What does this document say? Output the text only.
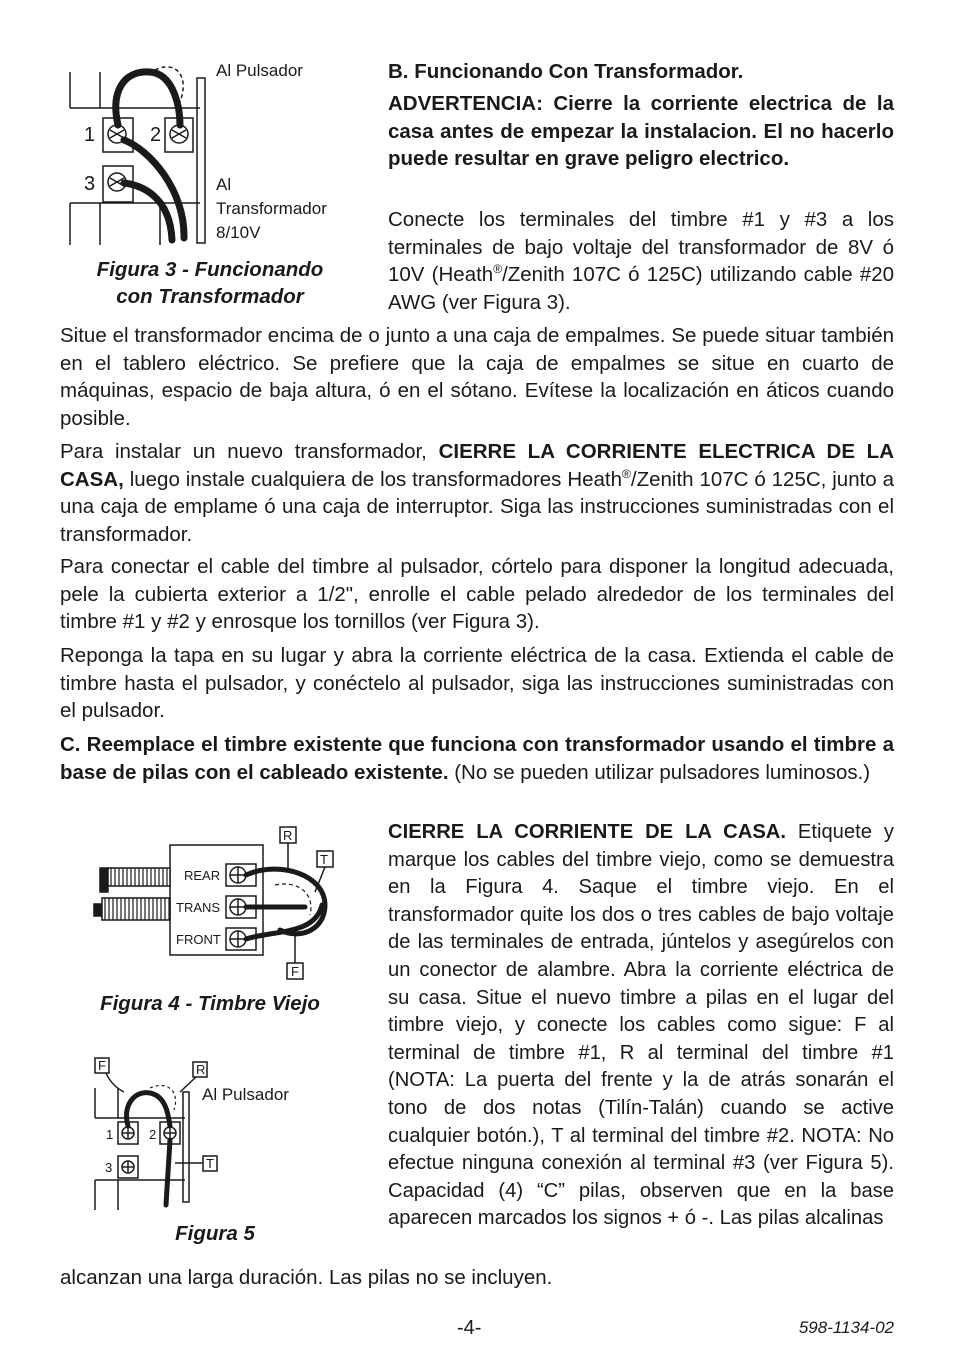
Al Pulsador
Al
Transformador
8/10V
1	2
3
Figura 3 - Funcionando
con Transformador
B. Funcionando Con Transformador.
ADVERTENCIA: Cierre la corriente electrica de la casa antes de empezar la instalacion. El no hacerlo puede resultar en grave peligro electrico.
Conecte los terminales del timbre #1 y #3 a los terminales de bajo voltaje del transformador de 8V ó 10V (Heath®/Zenith 107C ó 125C) utilizando cable #20 AWG (ver Figura 3).
Situe el transformador encima de o junto a una caja de empalmes. Se puede situar también en el tablero eléctrico. Se prefiere que la caja de empalmes se situe en cuarto de máquinas, espacio de baja altura, ó en el sótano. Evítese la localización en áticos cuando posible.
Para instalar un nuevo transformador, CIERRE LA CORRIENTE ELECTRICA DE LA CASA, luego instale cualquiera de los transformadores Heath®/Zenith 107C ó 125C, junto a una caja de emplame ó una caja de interruptor. Siga las instrucciones suministradas con el transformador.
Para conectar el cable del timbre al pulsador, córtelo para disponer la longitud adecuada, pele la cubierta exterior a 1/2", enrolle el cable pelado alrededor de los terminales del timbre #1 y #2 y enrosque los tornillos (ver Figura 3).
Reponga la tapa en su lugar y abra la corriente eléctrica de la casa. Extienda el cable de timbre hasta el pulsador, y conéctelo al pulsador, siga las instrucciones suministradas con el pulsador.
C. Reemplace el timbre existente que funciona con transformador usando el timbre a base de pilas con el cableado existente. (No se pueden utilizar pulsadores luminosos.)
CIERRE LA CORRIENTE DE LA CASA. Etiquete y marque los cables del timbre viejo, como se demuestra en la Figura 4. Saque el timbre viejo. En el transformador quite los dos o tres cables de bajo voltaje de las terminales de entrada, júntelos y asegúrelos con un conector de alambre. Abra la corriente eléctrica de su casa. Situe el nuevo timbre a pilas en el lugar del timbre viejo, y conecte los cables como sigue: F al terminal de timbre #1, R al terminal del timbre #1 (NOTA: La puerta del frente y la de atrás sonarán el tono de dos notas (Tilín-Talán) cuando se active cualquier botón.), T al terminal del timbre #2. NOTA: No efectue ninguna conexión al terminal #3 (ver Figura 5). Capacidad (4) “C” pilas, observen que en la base aparecen marcados los signos + ó -. Las pilas alcalinas
alcanzan una larga duración. Las pilas no se incluyen.
REAR
TRANS
FRONT
R
T
F
Figura 4 - Timbre Viejo
F	R
T
Al Pulsador
1	2
3
Figura 5
-4-	598-1134-02
